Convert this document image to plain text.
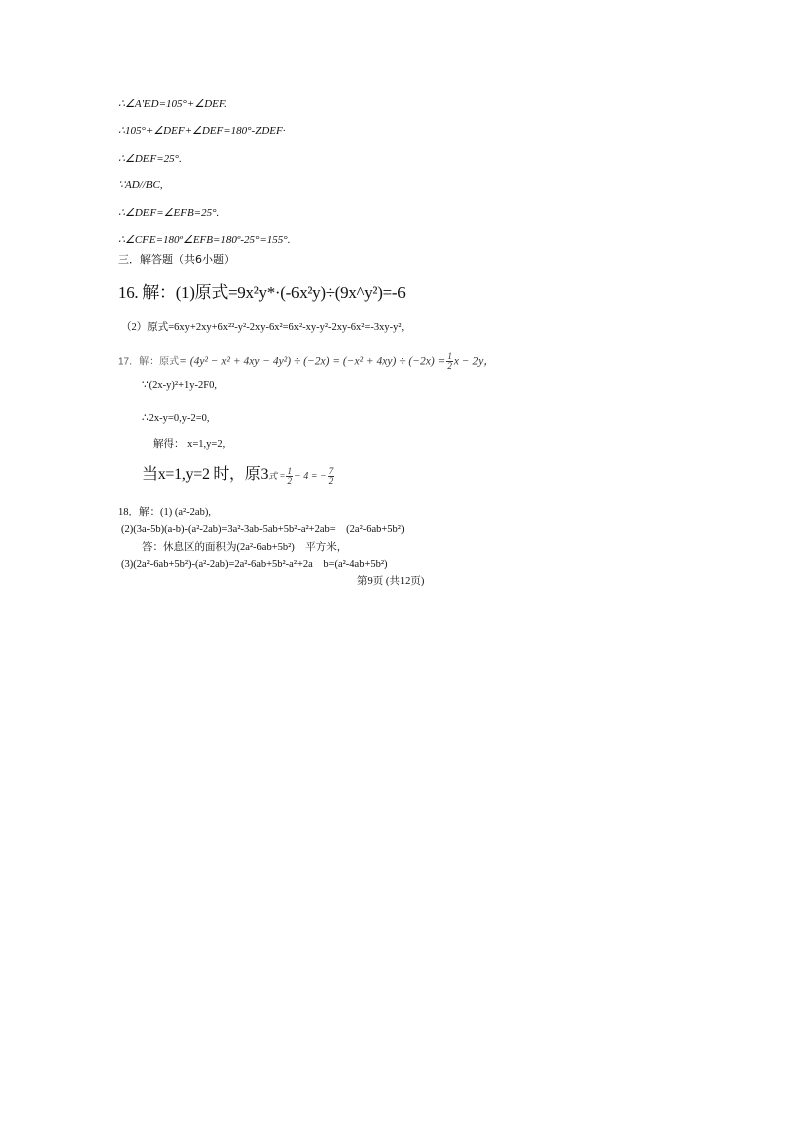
∴∠A'ED=105°+∠DEF.
∴105°+∠DEF+∠DEF=180°-ZDEF·
∴∠DEF=25°.
∵AD//BC,
∴∠DEF=∠EFB=25°.
∴∠CFE=180º∠EFB=180º-25°=155°.
三．解答题（共6小题）
16. 解：(1)原式=9x²y*·(-6x²y)÷(9x^y²)=-6
（2）原式=6xy+2xy+6x²²-y²-2xy-6x²=6x²-xy-y²-2xy-6x²=-3xy-y²,
17．解：原式= $(4y^2 - x^2 + 4xy - 4y^2) \div (-2x) = (-x^2 + 4xy) \div (-2x) = \frac{1}{2}$ x − 2y，
∵(2x-y)²+1y-2F0,
∴2x-y=0,y-2=0,
解得： x=1,y=2,
当x=1,y=2 时，原3式 = $\frac{1}{2} - 4$ = − $\frac{7}{2}$
18．解：(1) (a²-2ab),
(2)(3a-5b)(a-b)-(a²-2ab)=3a²-3ab-5ab+5b²-a²+2ab=　(2a²-6ab+5b²)
答：休息区的面积为(2a²-6ab+5b²)　平方米，
(3)(2a²-6ab+5b²)-(a²-2ab)=2a²-6ab+5b²-a²+2a　b=(a²-4ab+5b²)
第9页 (共12页)
